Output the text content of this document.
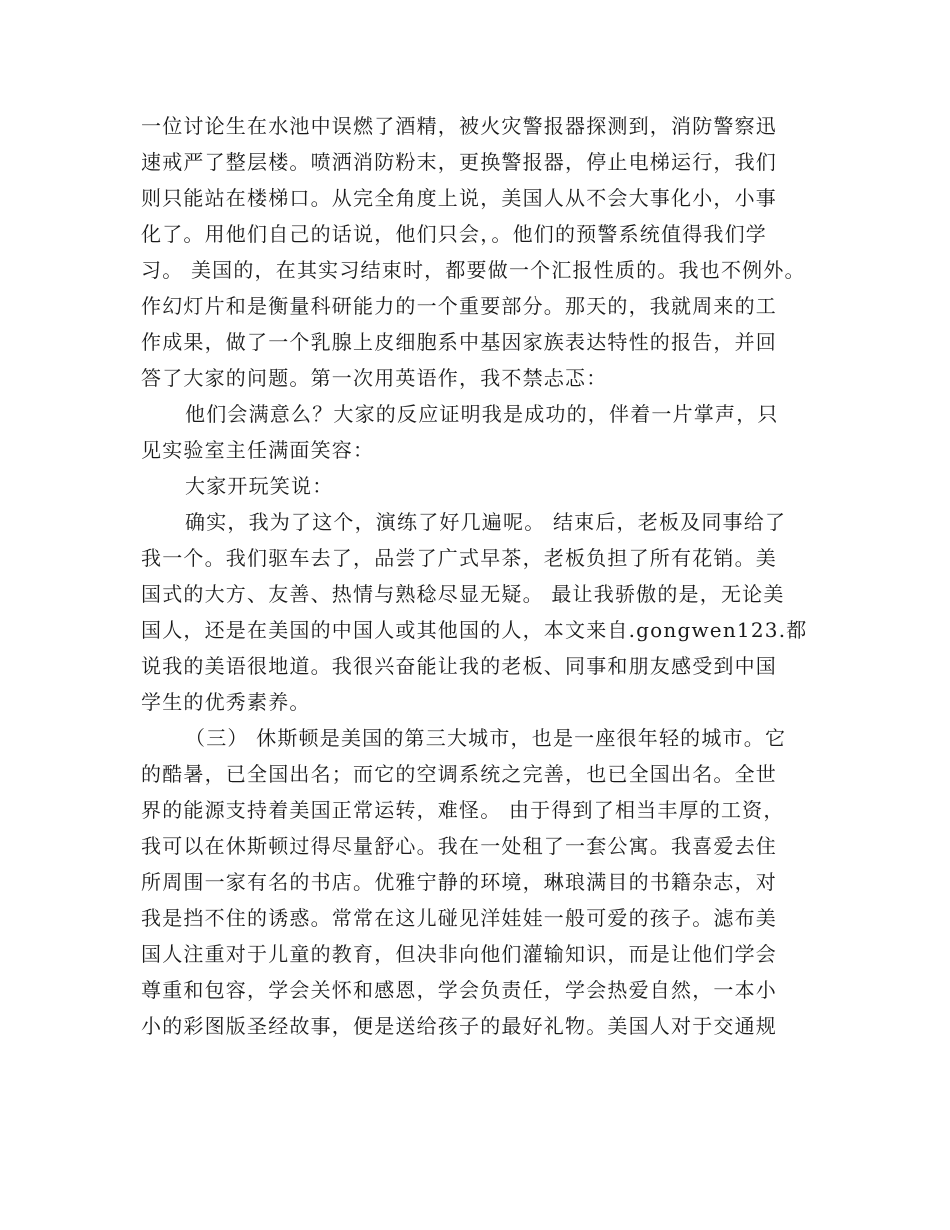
一位讨论生在水池中误燃了酒精，被火灾警报器探测到，消防警察迅
速戒严了整层楼。喷洒消防粉末，更换警报器，停止电梯运行，我们
则只能站在楼梯口。从完全角度上说，美国人从不会大事化小，小事
化了。用他们自己的话说，他们只会，。他们的预警系统值得我们学
习。 美国的，在其实习结束时，都要做一个汇报性质的。我也不例外。
作幻灯片和是衡量科研能力的一个重要部分。那天的，我就周来的工
作成果，做了一个乳腺上皮细胞系中基因家族表达特性的报告，并回
答了大家的问题。第一次用英语作，我不禁忐忑：
他们会满意么？大家的反应证明我是成功的，伴着一片掌声，只
见实验室主任满面笑容：
大家开玩笑说：
确实，我为了这个，演练了好几遍呢。 结束后，老板及同事给了
我一个。我们驱车去了，品尝了广式早茶，老板负担了所有花销。美
国式的大方、友善、热情与熟稔尽显无疑。 最让我骄傲的是，无论美
国人，还是在美国的中国人或其他国的人，本文来自.gongwen123.都
说我的美语很地道。我很兴奋能让我的老板、同事和朋友感受到中国
学生的优秀素养。
（三） 休斯顿是美国的第三大城市，也是一座很年轻的城市。它
的酷暑，已全国出名；而它的空调系统之完善，也已全国出名。全世
界的能源支持着美国正常运转，难怪。 由于得到了相当丰厚的工资，
我可以在休斯顿过得尽量舒心。我在一处租了一套公寓。我喜爱去住
所周围一家有名的书店。优雅宁静的环境，琳琅满目的书籍杂志，对
我是挡不住的诱惑。常常在这儿碰见洋娃娃一般可爱的孩子。滤布美
国人注重对于儿童的教育，但决非向他们灌输知识，而是让他们学会
尊重和包容，学会关怀和感恩，学会负责任，学会热爱自然，一本小
小的彩图版圣经故事，便是送给孩子的最好礼物。美国人对于交通规
